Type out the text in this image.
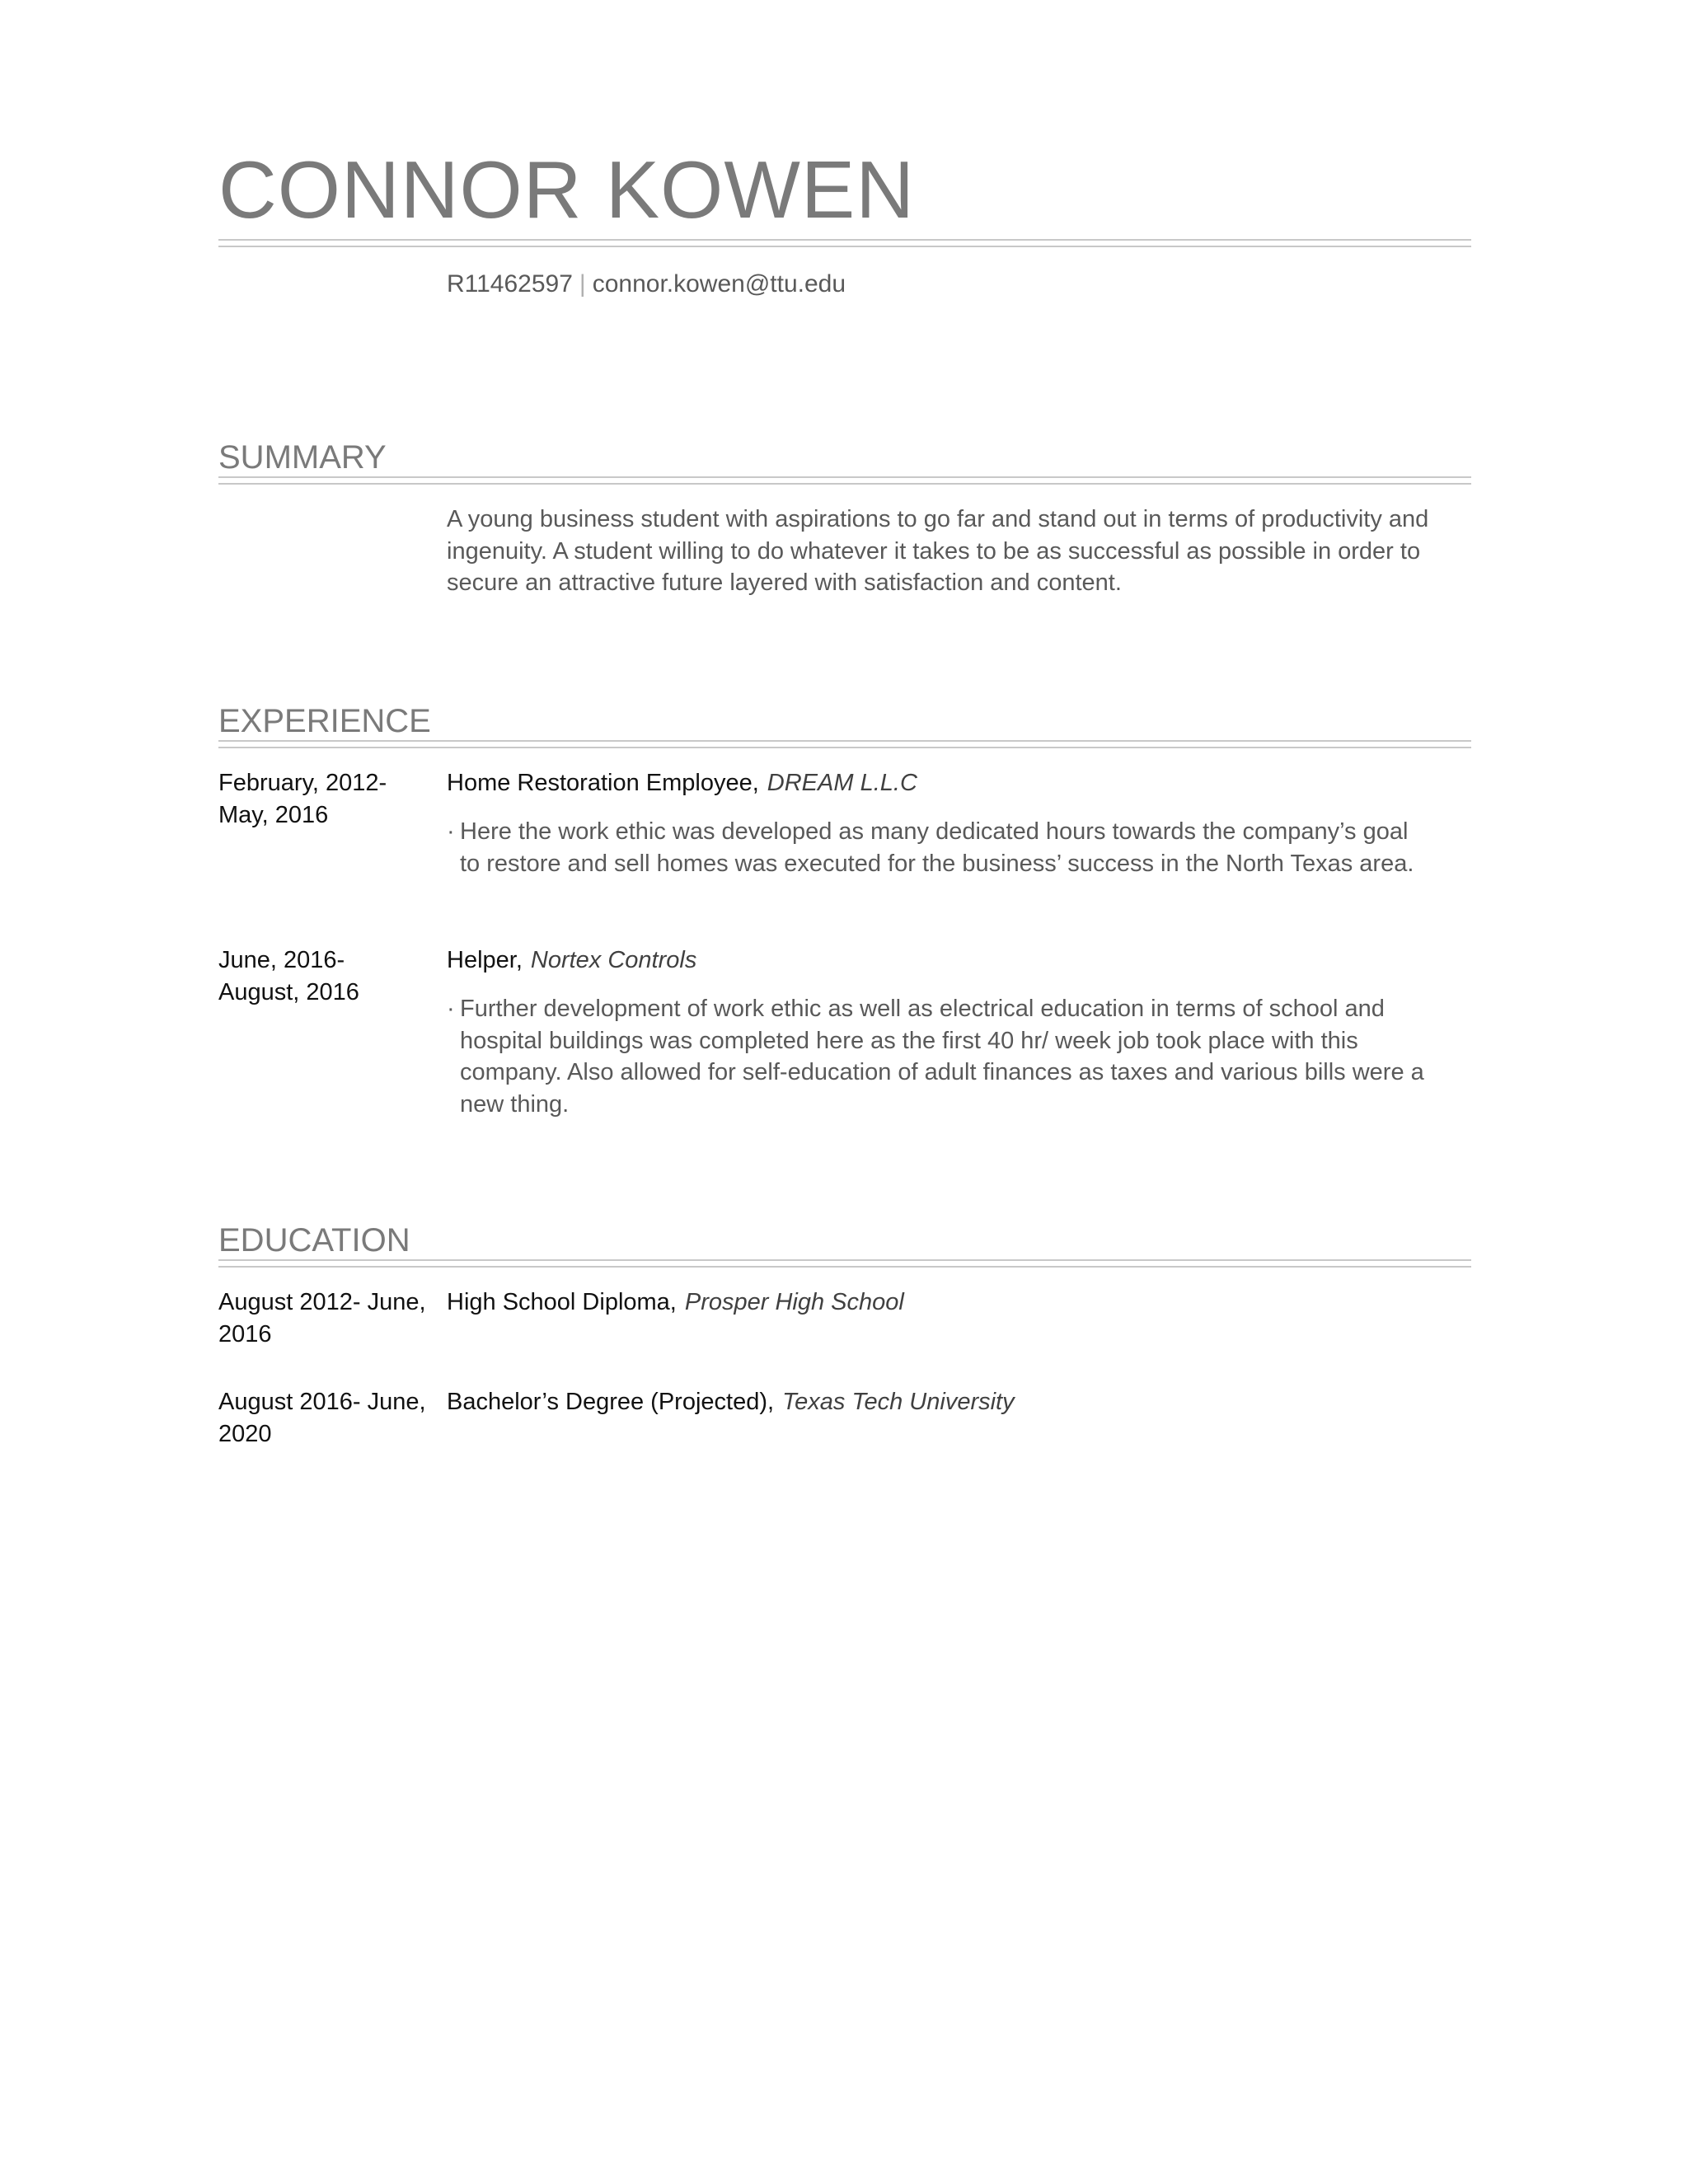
CONNOR KOWEN
R11462597 | connor.kowen@ttu.edu
SUMMARY

A young business student with aspirations to go far and stand out in terms of productivity and ingenuity. A student willing to do whatever it takes to be as successful as possible in order to secure an attractive future layered with satisfaction and content.

EXPERIENCE
February, 2012-
May, 2016
Home Restoration Employee, DREAM L.L.C

· Here the work ethic was developed as many dedicated hours towards the company’s goal to restore and sell homes was executed for the business’ success in the North Texas area.

June, 2016-
August, 2016
Helper, Nortex Controls

· Further development of work ethic as well as electrical education in terms of school and hospital buildings was completed here as the first 40 hr/ week job took place with this company. Also allowed for self-education of adult finances as taxes and various bills were a new thing.

EDUCATION
August 2012- June,
2016
High School Diploma, Prosper High School
August 2016- June,
2020
Bachelor’s Degree (Projected), Texas Tech University
